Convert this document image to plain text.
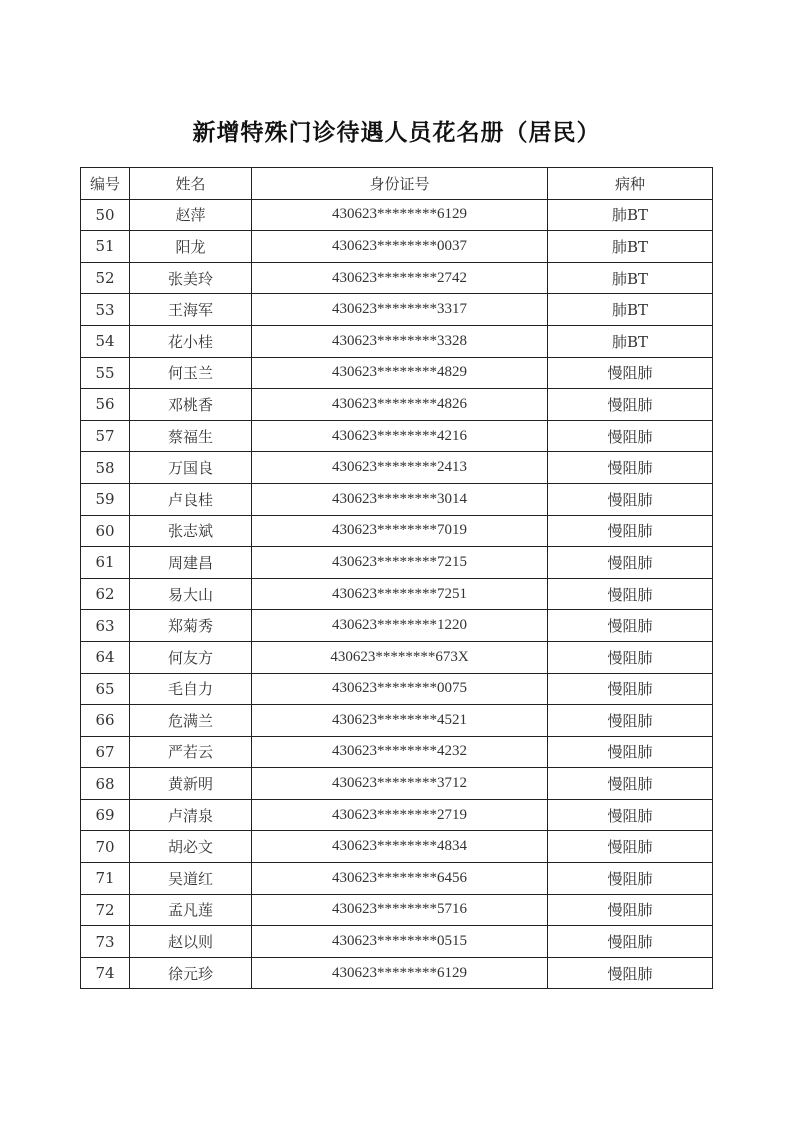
新增特殊门诊待遇人员花名册（居民）
编号	姓名	身份证号	病种
50	赵萍	430623********6129	肺BT
51	阳龙	430623********0037	肺BT
52	张美玲	430623********2742	肺BT
53	王海军	430623********3317	肺BT
54	花小桂	430623********3328	肺BT
55	何玉兰	430623********4829	慢阻肺
56	邓桃香	430623********4826	慢阻肺
57	蔡福生	430623********4216	慢阻肺
58	万国良	430623********2413	慢阻肺
59	卢良桂	430623********3014	慢阻肺
60	张志斌	430623********7019	慢阻肺
61	周建昌	430623********7215	慢阻肺
62	易大山	430623********7251	慢阻肺
63	郑菊秀	430623********1220	慢阻肺
64	何友方	430623********673X	慢阻肺
65	毛自力	430623********0075	慢阻肺
66	危满兰	430623********4521	慢阻肺
67	严若云	430623********4232	慢阻肺
68	黄新明	430623********3712	慢阻肺
69	卢清泉	430623********2719	慢阻肺
70	胡必文	430623********4834	慢阻肺
71	吴道红	430623********6456	慢阻肺
72	孟凡莲	430623********5716	慢阻肺
73	赵以则	430623********0515	慢阻肺
74	徐元珍	430623********6129	慢阻肺
